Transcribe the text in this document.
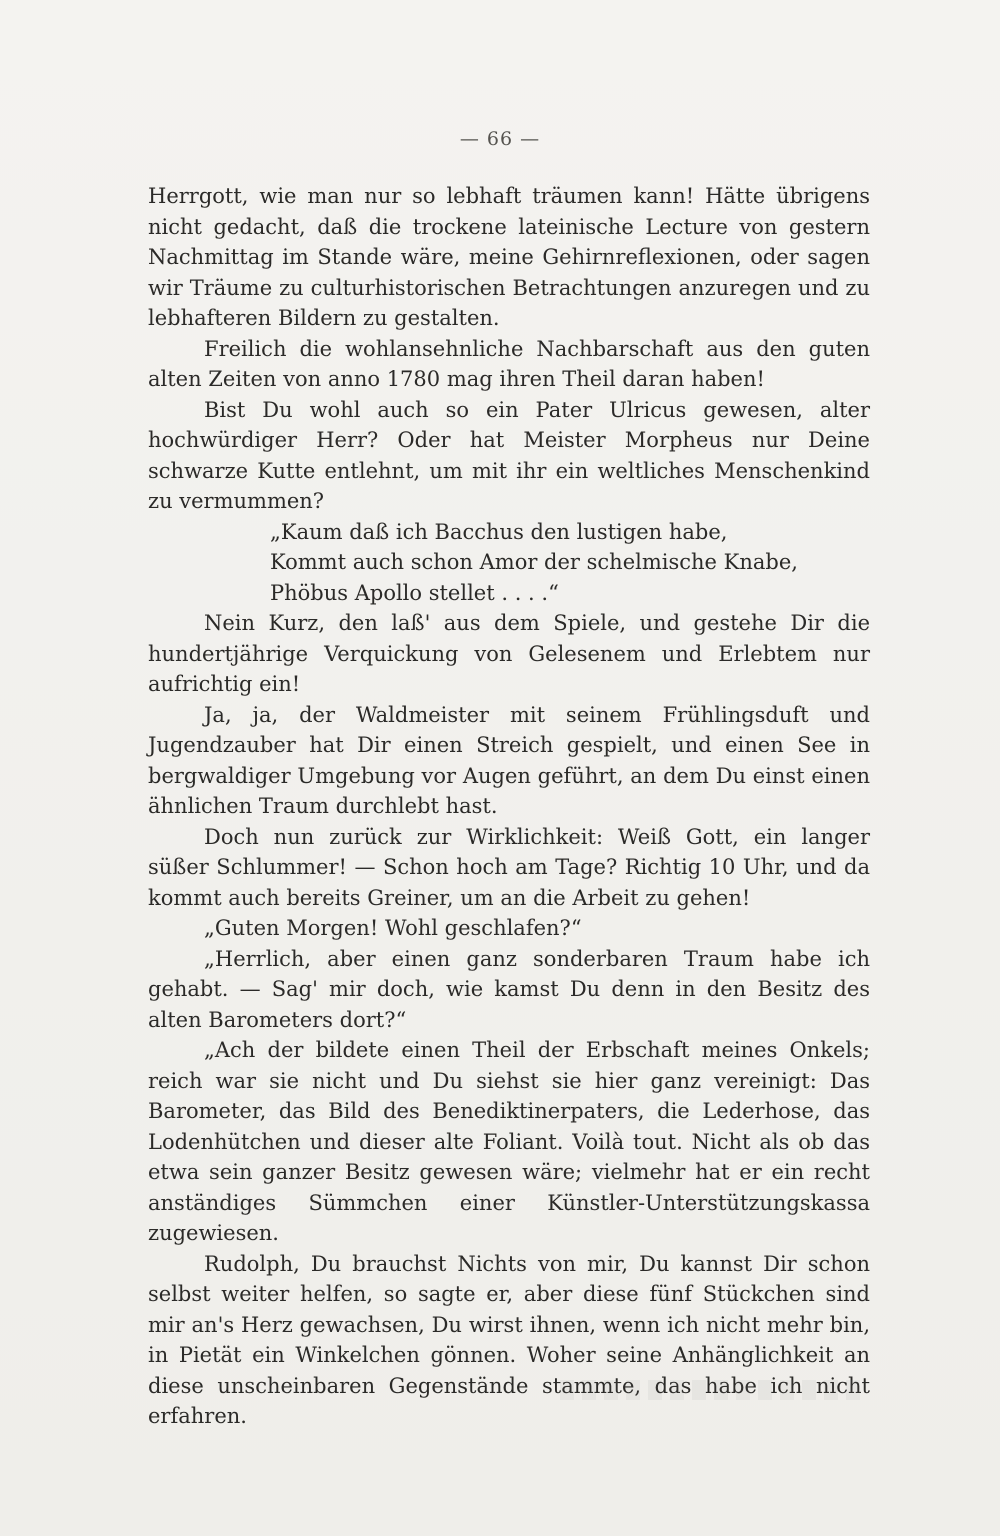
— 66 —

Herrgott, wie man nur so lebhaft träumen kann! Hätte übrigens nicht gedacht, daß die trockene lateinische Lecture von gestern Nachmittag im Stande wäre, meine Gehirnreflexionen, oder sagen wir Träume zu culturhistorischen Betrachtungen anzuregen und zu lebhafteren Bildern zu gestalten.

Freilich die wohlansehnliche Nachbarschaft aus den guten alten Zeiten von anno 1780 mag ihren Theil daran haben!

Bist Du wohl auch so ein Pater Ulricus gewesen, alter hochwürdiger Herr? Oder hat Meister Morpheus nur Deine schwarze Kutte entlehnt, um mit ihr ein weltliches Menschenkind zu vermummen?

„Kaum daß ich Bacchus den lustigen habe,

Kommt auch schon Amor der schelmische Knabe,

Phöbus Apollo stellet . . . .“

Nein Kurz, den laß' aus dem Spiele, und gestehe Dir die hundertjährige Verquickung von Gelesenem und Erlebtem nur aufrichtig ein!

Ja, ja, der Waldmeister mit seinem Frühlingsduft und Jugendzauber hat Dir einen Streich gespielt, und einen See in bergwaldiger Umgebung vor Augen geführt, an dem Du einst einen ähnlichen Traum durchlebt hast.

Doch nun zurück zur Wirklichkeit: Weiß Gott, ein langer süßer Schlummer! — Schon hoch am Tage? Richtig 10 Uhr, und da kommt auch bereits Greiner, um an die Arbeit zu gehen!

„Guten Morgen! Wohl geschlafen?“

„Herrlich, aber einen ganz sonderbaren Traum habe ich gehabt. — Sag' mir doch, wie kamst Du denn in den Besitz des alten Barometers dort?“

„Ach der bildete einen Theil der Erbschaft meines Onkels; reich war sie nicht und Du siehst sie hier ganz vereinigt: Das Barometer, das Bild des Benediktinerpaters, die Lederhose, das Lodenhütchen und dieser alte Foliant. Voilà tout. Nicht als ob das etwa sein ganzer Besitz gewesen wäre; vielmehr hat er ein recht anständiges Sümmchen einer Künstler-Unterstützungskassa zugewiesen.

Rudolph, Du brauchst Nichts von mir, Du kannst Dir schon selbst weiter helfen, so sagte er, aber diese fünf Stückchen sind mir an's Herz gewachsen, Du wirst ihnen, wenn ich nicht mehr bin, in Pietät ein Winkelchen gönnen. Woher seine Anhänglichkeit an diese unscheinbaren Gegenstände stammte, das habe ich nicht erfahren.
